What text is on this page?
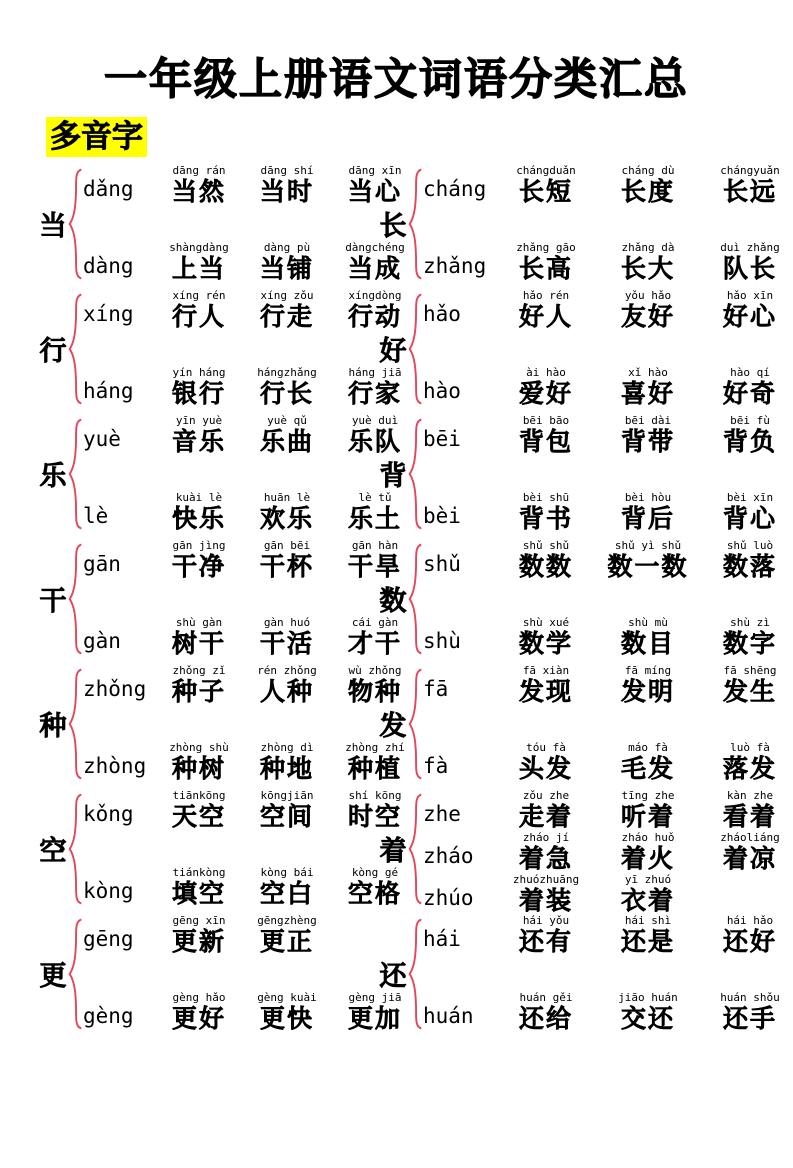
一年级上册语文词语分类汇总
多音字
当
dǎng
dāng rán
当然
dāng shí
当时
dāng xīn
当心
dàng
shàngdàng
上当
dàng pù
当铺
dàngchéng
当成
行
xíng
xíng rén
行人
xíng zǒu
行走
xíngdòng
行动
háng
yín háng
银行
hángzhǎng
行长
háng jiā
行家
乐
yuè
yīn yuè
音乐
yuè qǔ
乐曲
yuè duì
乐队
lè
kuài lè
快乐
huān lè
欢乐
lè tǔ
乐土
干
gān
gān jìng
干净
gān bēi
干杯
gān hàn
干旱
gàn
shù gàn
树干
gàn huó
干活
cái gàn
才干
种
zhǒng
zhǒng zǐ
种子
rén zhǒng
人种
wù zhǒng
物种
zhòng
zhòng shù
种树
zhòng dì
种地
zhòng zhí
种植
空
kǒng
tiānkōng
天空
kōngjiān
空间
shí kōng
时空
kòng
tiánkòng
填空
kòng bái
空白
kòng gé
空格
更
gēng
gēng xīn
更新
gēngzhèng
更正
gèng
gèng hǎo
更好
gèng kuài
更快
gèng jiā
更加
长
cháng
chángduǎn
长短
cháng dù
长度
chángyuǎn
长远
zhǎng
zhǎng gāo
长高
zhǎng dà
长大
duì zhǎng
队长
好
hǎo
hǎo rén
好人
yǒu hǎo
友好
hǎo xīn
好心
hào
ài hào
爱好
xǐ hào
喜好
hào qí
好奇
背
bēi
bēi bāo
背包
bēi dài
背带
bēi fù
背负
bèi
bèi shū
背书
bèi hòu
背后
bèi xīn
背心
数
shǔ
shǔ shǔ
数数
shǔ yì shǔ
数一数
shǔ luò
数落
shù
shù xué
数学
shù mù
数目
shù zì
数字
发
fā
fā xiàn
发现
fā míng
发明
fā shēng
发生
fà
tóu fà
头发
máo fà
毛发
luò fà
落发
着
zhe
zǒu zhe
走着
tīng zhe
听着
kàn zhe
看着
zháo
zháo jí
着急
zháo huǒ
着火
zháoliáng
着凉
zhúo
zhuózhuāng
着装
yī zhuó
衣着
还
hái
hái yǒu
还有
hái shì
还是
hái hǎo
还好
huán
huán gěi
还给
jiāo huán
交还
huán shǒu
还手
